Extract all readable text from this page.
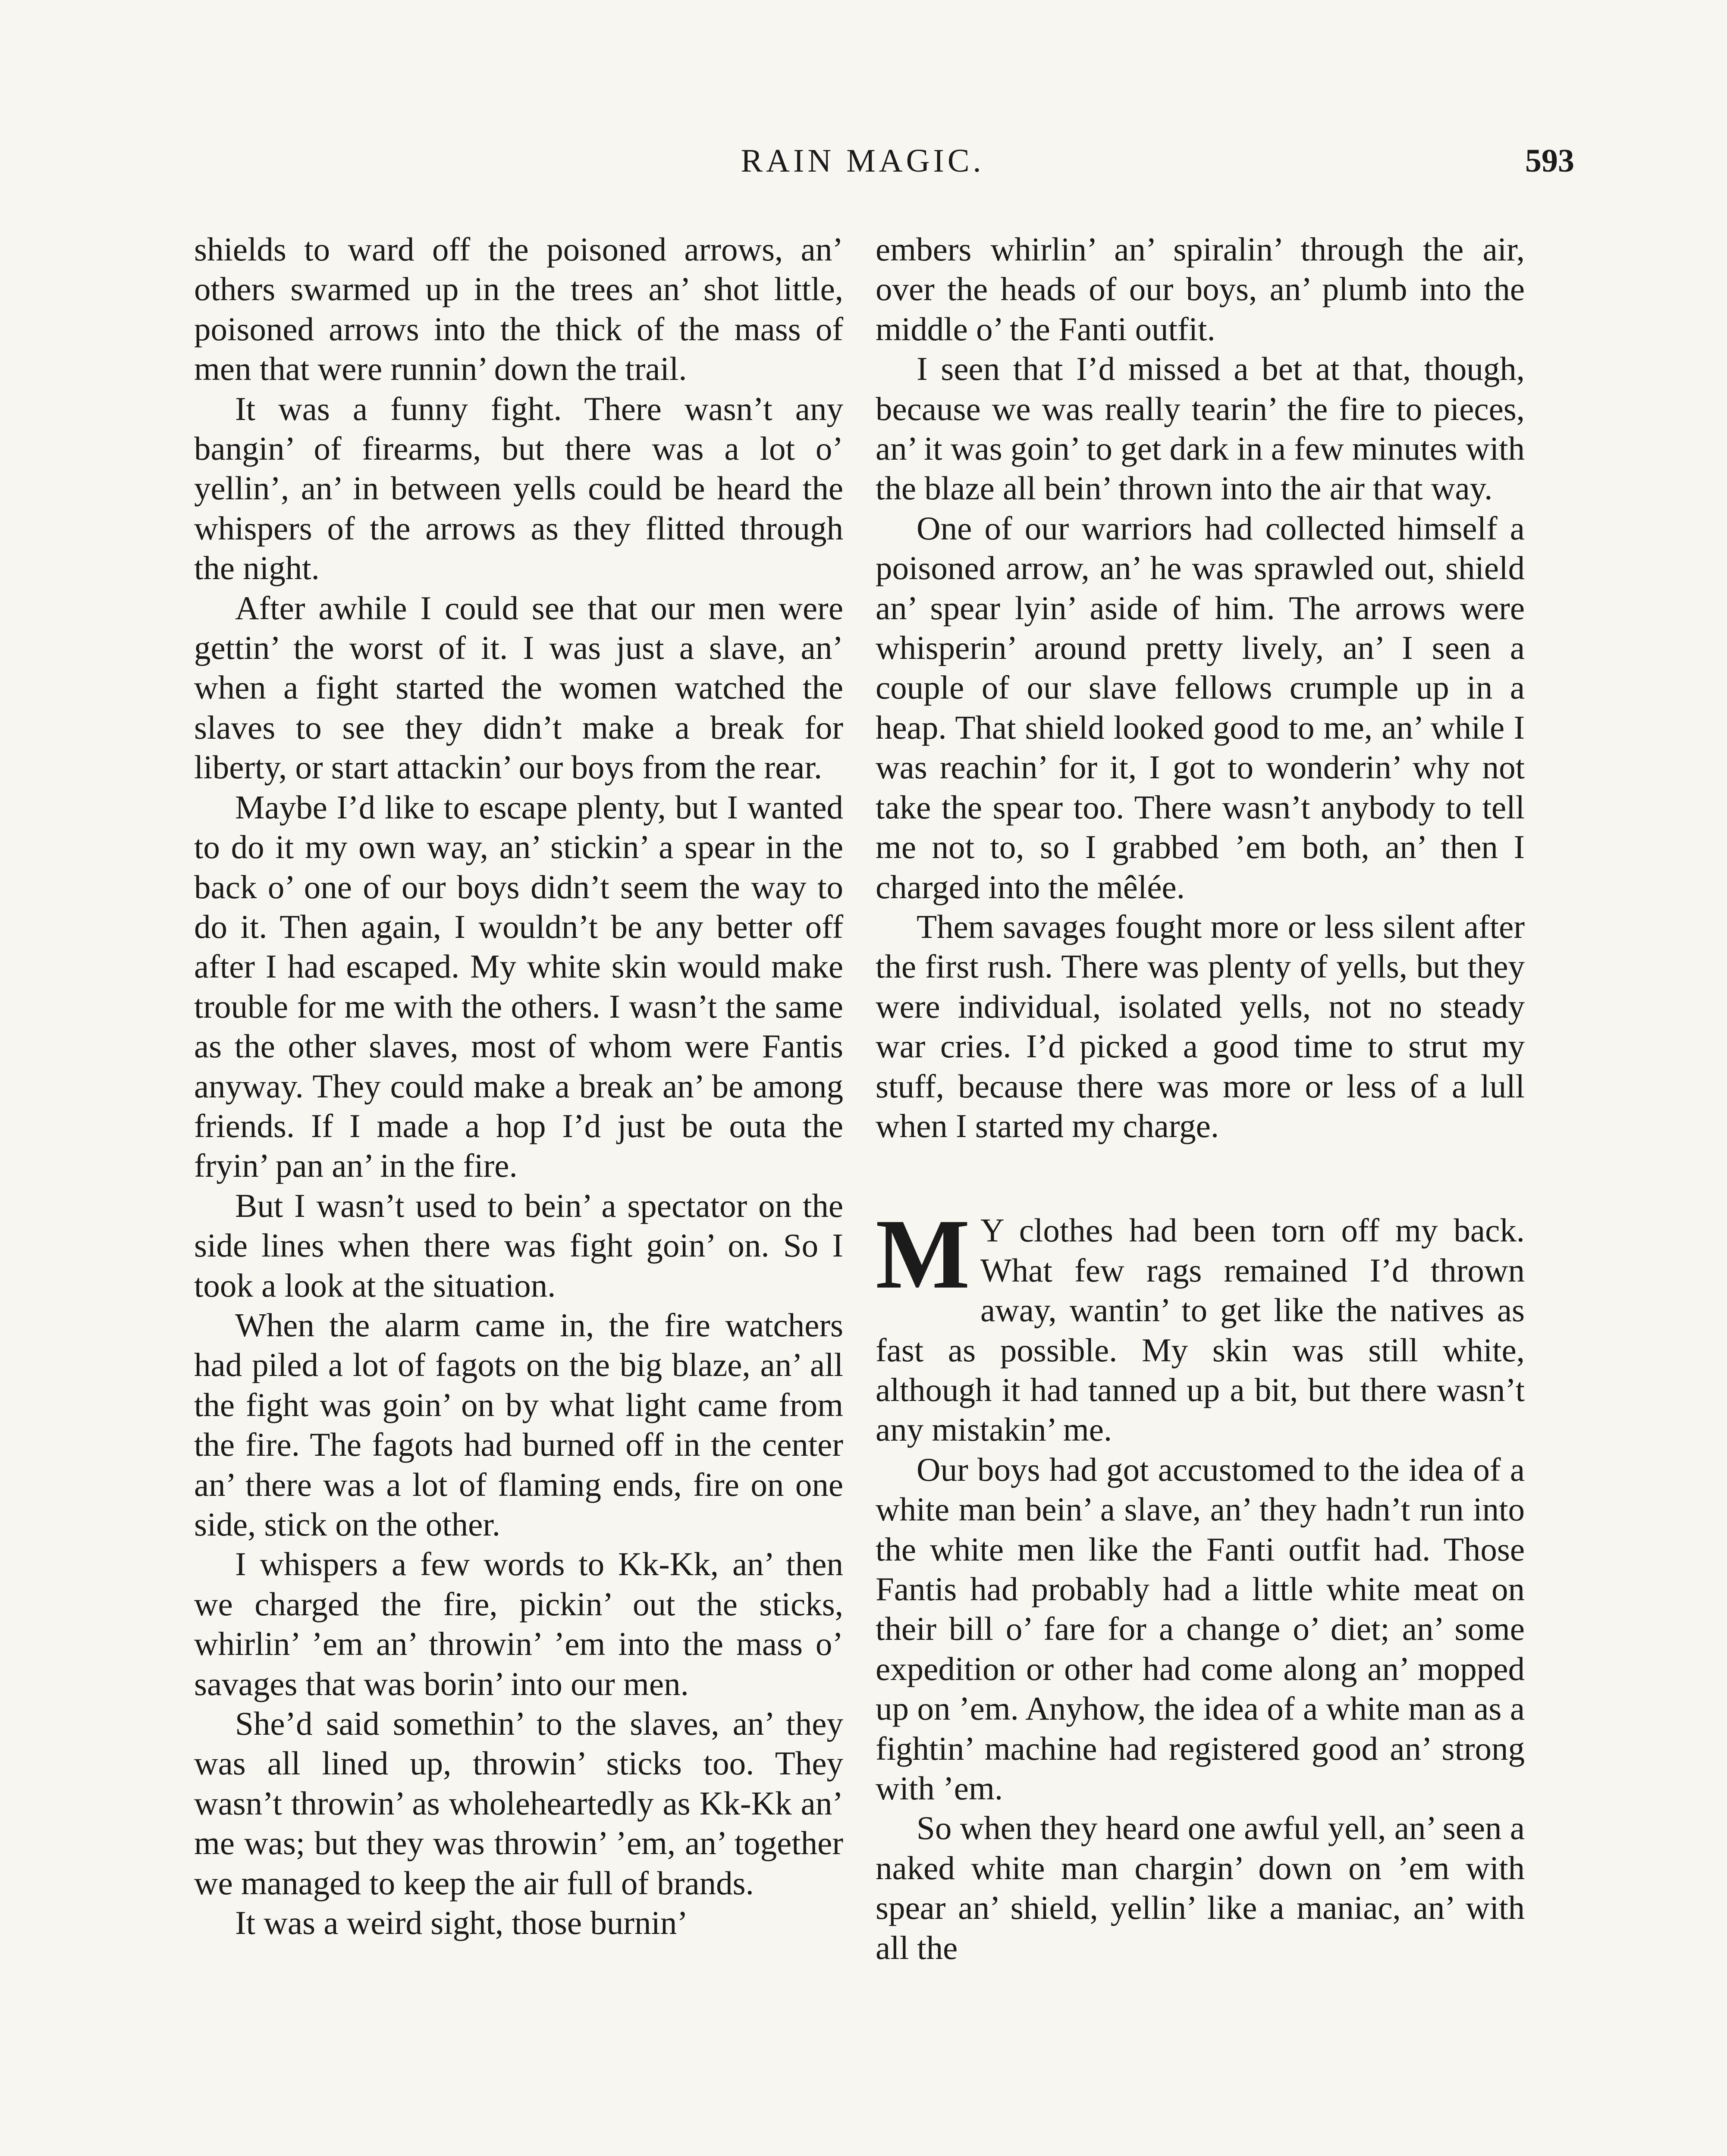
RAIN MAGIC.	593

shields to ward off the poisoned arrows, an’ others swarmed up in the trees an’ shot little, poisoned arrows into the thick of the mass of men that were runnin’ down the trail.

It was a funny fight. There wasn’t any bangin’ of firearms, but there was a lot o’ yellin’, an’ in between yells could be heard the whispers of the arrows as they flitted through the night.

After awhile I could see that our men were gettin’ the worst of it. I was just a slave, an’ when a fight started the women watched the slaves to see they didn’t make a break for liberty, or start attackin’ our boys from the rear.

Maybe I’d like to escape plenty, but I wanted to do it my own way, an’ stickin’ a spear in the back o’ one of our boys didn’t seem the way to do it. Then again, I wouldn’t be any better off after I had escaped. My white skin would make trouble for me with the others. I wasn’t the same as the other slaves, most of whom were Fantis anyway. They could make a break an’ be among friends. If I made a hop I’d just be outa the fryin’ pan an’ in the fire.

But I wasn’t used to bein’ a spectator on the side lines when there was fight goin’ on. So I took a look at the situation.

When the alarm came in, the fire watchers had piled a lot of fagots on the big blaze, an’ all the fight was goin’ on by what light came from the fire. The fagots had burned off in the center an’ there was a lot of flaming ends, fire on one side, stick on the other.

I whispers a few words to Kk-Kk, an’ then we charged the fire, pickin’ out the sticks, whirlin’ ’em an’ throwin’ ’em into the mass o’ savages that was borin’ into our men.

She’d said somethin’ to the slaves, an’ they was all lined up, throwin’ sticks too. They wasn’t throwin’ as wholeheartedly as Kk-Kk an’ me was; but they was throwin’ ’em, an’ together we managed to keep the air full of brands.

It was a weird sight, those burnin’

embers whirlin’ an’ spiralin’ through the air, over the heads of our boys, an’ plumb into the middle o’ the Fanti outfit.

I seen that I’d missed a bet at that, though, because we was really tearin’ the fire to pieces, an’ it was goin’ to get dark in a few minutes with the blaze all bein’ thrown into the air that way.

One of our warriors had collected himself a poisoned arrow, an’ he was sprawled out, shield an’ spear lyin’ aside of him. The arrows were whisperin’ around pretty lively, an’ I seen a couple of our slave fellows crumple up in a heap. That shield looked good to me, an’ while I was reachin’ for it, I got to wonderin’ why not take the spear too. There wasn’t anybody to tell me not to, so I grabbed ’em both, an’ then I charged into the mêlée.

Them savages fought more or less silent after the first rush. There was plenty of yells, but they were individual, isolated yells, not no steady war cries. I’d picked a good time to strut my stuff, because there was more or less of a lull when I started my charge.

M Y clothes had been torn off my back. What few rags remained I’d thrown away, wantin’ to get like the natives as fast as possible. My skin was still white, although it had tanned up a bit, but there wasn’t any mistakin’ me.

Our boys had got accustomed to the idea of a white man bein’ a slave, an’ they hadn’t run into the white men like the Fanti outfit had. Those Fantis had probably had a little white meat on their bill o’ fare for a change o’ diet; an’ some expedition or other had come along an’ mopped up on ’em. Anyhow, the idea of a white man as a fightin’ machine had registered good an’ strong with ’em.

So when they heard one awful yell, an’ seen a naked white man chargin’ down on ’em with spear an’ shield, yellin’ like a maniac, an’ with all the
